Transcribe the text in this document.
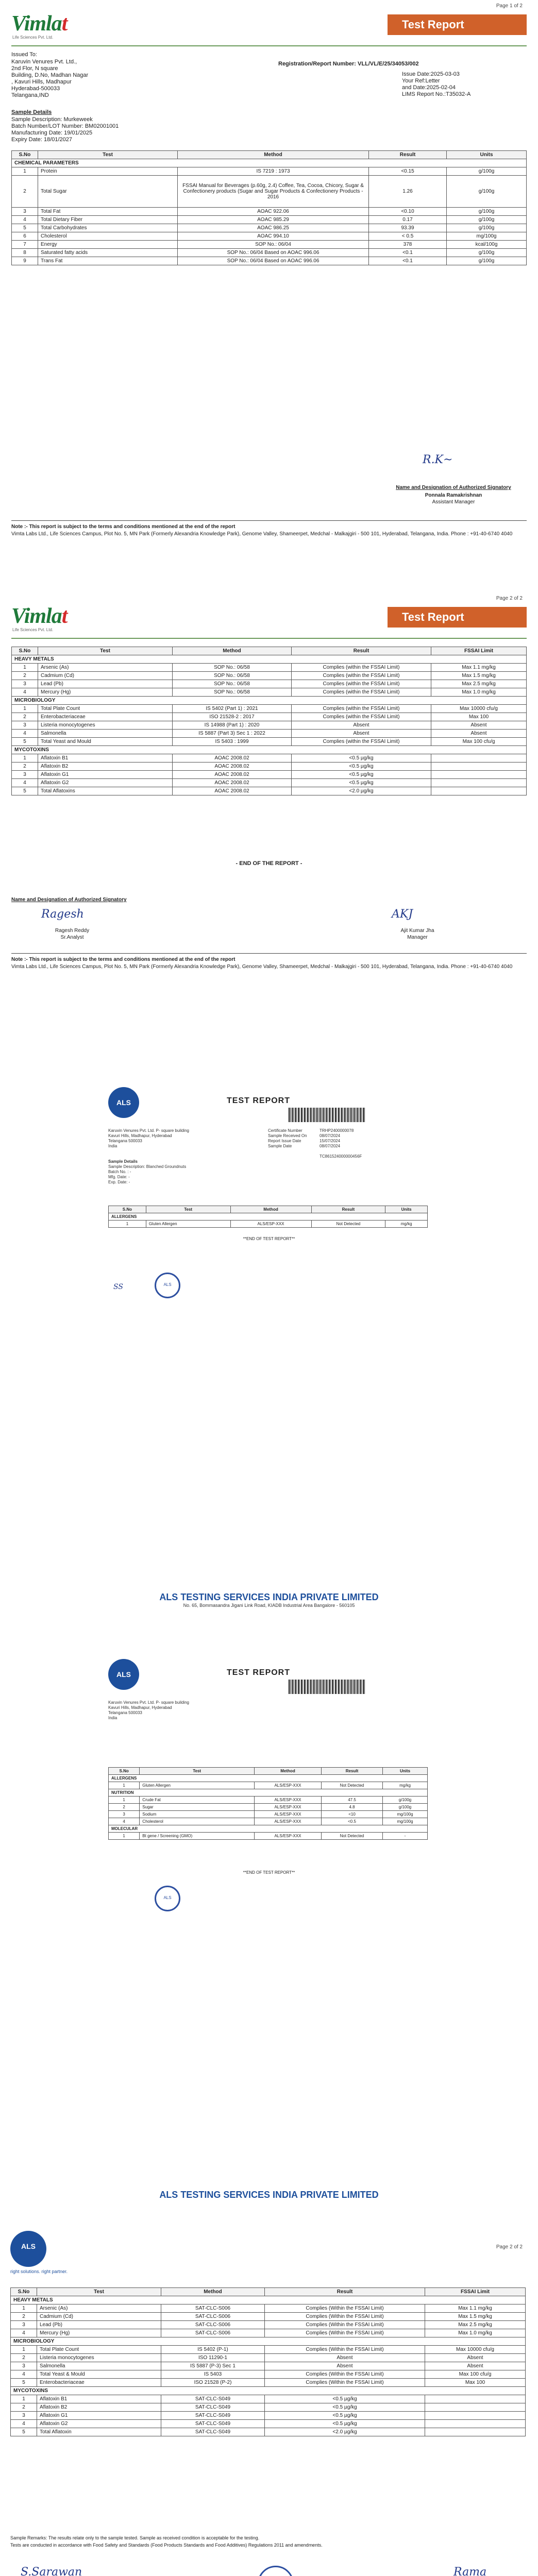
Page 1 of 2
Vimlat
Life Sciences Pvt. Ltd.
Test Report
Issued To:
Karuvin Venures Pvt. Ltd.,
2nd Flor, N square
Building, D.No, Madhan Nagar
, Kavuri Hills, Madhapur
Hyderabad-500033
Telangana,IND
Registration/Report Number: VLL/VL/E/25/34053/002
Issue Date:2025-03-03
Your Ref:Letter
and Date:2025-02-04
LIMS Report No.:T35032-A
Sample Details
Sample Description: Murkeweek
Batch Number/LOT Number: BM02001001
Manufacturing Date: 19/01/2025
Expiry Date: 18/01/2027
S.No	Test	Method	Result	Units
CHEMICAL PARAMETERS				
1	Protein	IS 7219 : 1973	<0.15	g/100g
2	Total Sugar	FSSAI Manual for Beverages (p.60g, 2.4) Coffee, Tea, Cocoa, Chicory, Sugar & Confectionery products (Sugar and Sugar Products & Confectionery Products - 2016	1.26	g/100g
3	Total Fat	AOAC 922.06	<0.10	g/100g
4	Total Dietary Fiber	AOAC 985.29	0.17	g/100g
5	Total Carbohydrates	AOAC 986.25	93.39	g/100g
6	Cholesterol	AOAC 994.10	< 0.5	mg/100g
7	Energy	SOP No.: 06/04	378	kcal/100g
8	Saturated fatty acids	SOP No.: 06/04 Based on AOAC 996.06	<0.1	g/100g
9	Trans Fat	SOP No.: 06/04 Based on AOAC 996.06	<0.1	g/100g
R.K~
Name and Designation of Authorized Signatory
Ponnala Ramakrishnan
Assistant Manager
Note :- This report is subject to the terms and conditions mentioned at the end of the report
Vimta Labs Ltd., Life Sciences Campus, Plot No. 5, MN Park (Formerly Alexandria Knowledge Park), Genome Valley, Shameerpet, Medchal - Malkajgiri - 500 101, Hyderabad, Telangana, India. Phone : +91-40-6740 4040
Page 2 of 2
Vimlat
Life Sciences Pvt. Ltd.
Test Report
S.No	Test	Method	Result	FSSAI Limit
HEAVY METALS				
1	Arsenic (As)	SOP No.: 06/58	Complies (within the FSSAI Limit)	Max 1.1 mg/kg
2	Cadmium (Cd)	SOP No.: 06/58	Complies (within the FSSAI Limit)	Max 1.5 mg/kg
3	Lead (Pb)	SOP No.: 06/58	Complies (within the FSSAI Limit)	Max 2.5 mg/kg
4	Mercury (Hg)	SOP No.: 06/58	Complies (within the FSSAI Limit)	Max 1.0 mg/kg
MICROBIOLOGY				
1	Total Plate Count	IS 5402 (Part 1) : 2021	Complies (within the FSSAI Limit)	Max 10000 cfu/g
2	Enterobacteriaceae	ISO 21528-2 : 2017	Complies (within the FSSAI Limit)	Max 100
3	Listeria monocytogenes	IS 14988 (Part 1) : 2020	Absent	Absent
4	Salmonella	IS 5887 (Part 3) Sec 1 : 2022	Absent	Absent
5	Total Yeast and Mould	IS 5403 : 1999	Complies (within the FSSAI Limit)	Max 100 cfu/g
MYCOTOXINS				
1	Aflatoxin B1	AOAC 2008.02	<0.5 µg/kg	
2	Aflatoxin B2	AOAC 2008.02	<0.5 µg/kg	
3	Aflatoxin G1	AOAC 2008.02	<0.5 µg/kg	
4	Aflatoxin G2	AOAC 2008.02	<0.5 µg/kg	
5	Total Aflatoxins	AOAC 2008.02	<2.0 µg/kg	
- END OF THE REPORT -
Name and Designation of Authorized Signatory
Ragesh
Ragesh Reddy
Sr.Analyst
AKJ
Ajit Kumar Jha
Manager
Note :- This report is subject to the terms and conditions mentioned at the end of the report
Vimta Labs Ltd., Life Sciences Campus, Plot No. 5, MN Park (Formerly Alexandria Knowledge Park), Genome Valley, Shameerpet, Medchal - Malkajgiri - 500 101, Hyderabad, Telangana, India. Phone : +91-40-6740 4040
ALS
TEST REPORT
Karuvin Venures Pvt. Ltd. P- square building
Kavuri Hills, Madhapur, Hyderabad
Telangana 500033
India
Certificate Number	TRHP2400000078
Sample Received On	08/07/2024
Report Issue Date	15/07/2024
Sample Date	08/07/2024
TC861524000000456F
Sample Details
Sample Description: Blanched Groundnuts
Batch No. : -
Mfg. Date: -
Exp. Date: -
S.No	Test	Method	Result	Units
ALLERGENS				
1	Gluten Allergen	ALS/ESP-XXX	Not Detected	mg/kg
**END OF TEST REPORT**
ALS
SS
ALS TESTING SERVICES INDIA PRIVATE LIMITED
No. 65, Bommasandra Jigani Link Road, KIADB Industrial Area Bangalore - 560105
ALS
TEST REPORT
Karuvin Venures Pvt. Ltd. P- square building
Kavuri Hills, Madhapur, Hyderabad
Telangana 500033
India
S.No	Test	Method	Result	Units
ALLERGENS				
1	Gluten Allergen	ALS/ESP-XXX	Not Detected	mg/kg
NUTRITION				
1	Crude Fat	ALS/ESP-XXX	47.5	g/100g
2	Sugar	ALS/ESP-XXX	4.8	g/100g
3	Sodium	ALS/ESP-XXX	<10	mg/100g
4	Cholesterol	ALS/ESP-XXX	<0.5	mg/100g
MOLECULAR				
1	Bt gene / Screening (GMO)	ALS/ESP-XXX	Not Detected	-
**END OF TEST REPORT**
ALS
ALS TESTING SERVICES INDIA PRIVATE LIMITED
ALS
right solutions. right partner.
Page 2 of 2
S.No	Test	Method	Result	FSSAI Limit
HEAVY METALS				
1	Arsenic (As)	SAT-CLC-S006	Complies (Within the FSSAI Limit)	Max 1.1 mg/kg
2	Cadmium (Cd)	SAT-CLC-S006	Complies (Within the FSSAI Limit)	Max 1.5 mg/kg
3	Lead (Pb)	SAT-CLC-S006	Complies (Within the FSSAI Limit)	Max 2.5 mg/kg
4	Mercury (Hg)	SAT-CLC-S006	Complies (Within the FSSAI Limit)	Max 1.0 mg/kg
MICROBIOLOGY				
1	Total Plate Count	IS 5402 (P-1)	Complies (Within the FSSAI Limit)	Max 10000 cfu/g
2	Listeria monocytogenes	ISO 11290-1	Absent	Absent
3	Salmonella	IS 5887 (P-3) Sec 1	Absent	Absent
4	Total Yeast & Mould	IS 5403	Complies (Within the FSSAI Limit)	Max 100 cfu/g
5	Enterobacteriaceae	ISO 21528 (P-2)	Complies (Within the FSSAI Limit)	Max 100
MYCOTOXINS				
1	Aflatoxin B1	SAT-CLC-S049	<0.5 µg/kg	
2	Aflatoxin B2	SAT-CLC-S049	<0.5 µg/kg	
3	Aflatoxin G1	SAT-CLC-S049	<0.5 µg/kg	
4	Aflatoxin G2	SAT-CLC-S049	<0.5 µg/kg	
5	Total Aflatoxin	SAT-CLC-S049	<2.0 µg/kg	
Sample Remarks: The results relate only to the sample tested. Sample as received condition is acceptable for the testing.
Tests are conducted in accordance with Food Safety and Standards (Food Products Standards and Food Additives) Regulations 2011 and amendments.
S.Sarawan	Rama
